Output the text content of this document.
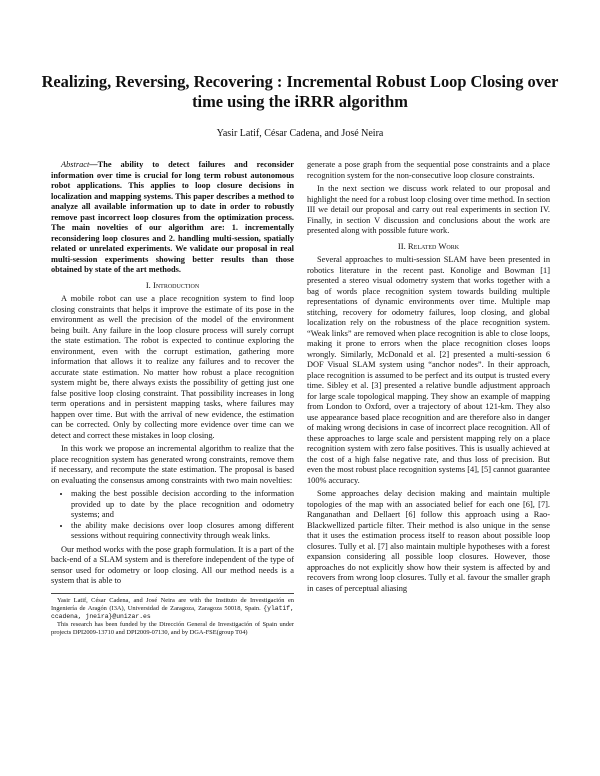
Realizing, Reversing, Recovering : Incremental Robust Loop Closing over time using the iRRR algorithm
Yasir Latif, César Cadena, and José Neira

Abstract—The ability to detect failures and reconsider information over time is crucial for long term robust autonomous robot applications. This applies to loop closure decisions in localization and mapping systems. This paper describes a method to analyze all available information up to date in order to robustly remove past incorrect loop closures from the optimization process. The main novelties of our algorithm are: 1. incrementally reconsidering loop closures and 2. handling multi-session, spatially related or unrelated experiments. We validate our proposal in real multi-session experiments showing better results than those obtained by state of the art methods.

I. Introduction

A mobile robot can use a place recognition system to find loop closing constraints that helps it improve the estimate of its pose in the environment as well the precision of the model of the environment being built. Any failure in the loop closure process will surely corrupt the state estimation. The robot is expected to continue exploring the environment, even with the corrupt estimation, gathering more information that allows it to realize any failures and to recover the accurate state estimation. No matter how robust a place recognition system might be, there always exists the possibility of getting just one false positive loop closing constraint. That possibility increases in long term operations and in persistent mapping tasks, where failures may happen over time. But with the arrival of new evidence, the estimation can be corrected. Only by collecting more evidence over time can we detect and correct these mistakes in loop closing.

In this work we propose an incremental algorithm to realize that the place recognition system has generated wrong constraints, remove them if necessary, and recompute the state estimation. The proposal is based on evaluating the consensus among constraints with two main novelties:

• making the best possible decision according to the information provided up to date by the place recognition and odometry systems; and
• the ability make decisions over loop closures among different sessions without requiring connectivity through weak links.

Our method works with the pose graph formulation. It is a part of the back-end of a SLAM system and is therefore independent of the type of sensor used for odometry or loop closing. All our method needs is a system that is able to

Yasir Latif, César Cadena, and José Neira are with the Instituto de Investigación en Ingeniería de Aragón (I3A), Universidad de Zaragoza, Zaragoza 50018, Spain. {ylatif, ccadena, jneira}@unizar.es
This research has been funded by the Dirección General de Investigación of Spain under projects DPI2009-13710 and DPI2009-07130, and by DGA-FSE(group T04)

generate a pose graph from the sequential pose constraints and a place recognition system for the non-consecutive loop closure constraints.

In the next section we discuss work related to our proposal and highlight the need for a robust loop closing over time method. In section III we detail our proposal and carry out real experiments in section IV. Finally, in section V discussion and conclusions about the work are presented along with possible future work.

II. Related Work

Several approaches to multi-session SLAM have been presented in robotics literature in the recent past. Konolige and Bowman [1] presented a stereo visual odometry system that works together with a bag of words place recognition system towards building multiple representations of dynamic environments over time. Multiple map stitching, recovery for odometry failures, loop closing, and global localization rely on the robustness of the place recognition system. “Weak links” are removed when place recognition is able to close loops, making it prone to errors when the place recognition closes loops wrongly. Similarly, McDonald et al. [2] presented a multi-session 6 DOF Visual SLAM system using “anchor nodes”. In their approach, place recognition is assumed to be perfect and its output is trusted every time. Sibley et al. [3] presented a relative bundle adjustment approach for large scale topological mapping. They show an example of mapping from London to Oxford, over a trajectory of about 121-km. They also use appearance based place recognition and are therefore also in danger of making wrong decisions in case of incorrect place recognition. All of these approaches to large scale and persistent mapping rely on a place recognition system with zero false positives. This is usually achieved at the cost of a high false negative rate, and thus loss of precision. But even the most robust place recognition systems [4], [5] cannot guarantee 100% accuracy.

Some approaches delay decision making and maintain multiple topologies of the map with an associated belief for each one [6], [7]. Ranganathan and Dellaert [6] follow this approach using a Rao-Blackwellized particle filter. Their method is also unique in the sense that it uses the estimation process itself to reason about possible loop closures. Tully et al. [7] also maintain multiple hypotheses with a forest expansion considering all possible loop closures. However, those approaches do not explicitly show how their system is affected by and recovers from wrong loop closures. Tully et al. favour the smaller graph in cases of perceptual aliasing
